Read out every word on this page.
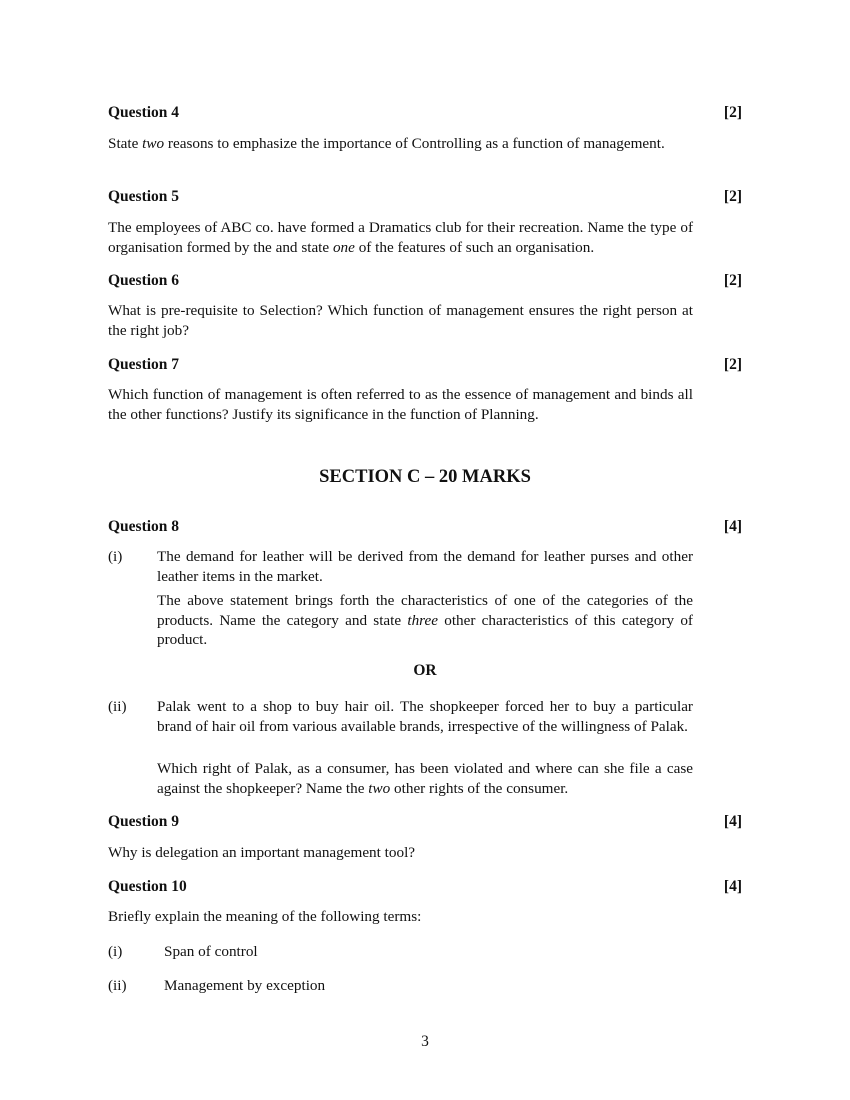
Question 4	[2]
State two reasons to emphasize the importance of Controlling as a function of management.
Question 5	[2]
The employees of ABC co. have formed a Dramatics club for their recreation. Name the type of organisation formed by the and state one of the features of such an organisation.
Question 6	[2]
What is pre-requisite to Selection? Which function of management ensures the right person at the right job?
Question 7	[2]
Which function of management is often referred to as the essence of management and binds all the other functions? Justify its significance in the function of Planning.
SECTION C – 20 MARKS
Question 8	[4]
(i) The demand for leather will be derived from the demand for leather purses and other leather items in the market.
The above statement brings forth the characteristics of one of the categories of the products. Name the category and state three other characteristics of this category of product.
OR
(ii) Palak went to a shop to buy hair oil. The shopkeeper forced her to buy a particular brand of hair oil from various available brands, irrespective of the willingness of Palak.
Which right of Palak, as a consumer, has been violated and where can she file a case against the shopkeeper? Name the two other rights of the consumer.
Question 9	[4]
Why is delegation an important management tool?
Question 10	[4]
Briefly explain the meaning of the following terms:
(i)	Span of control
(ii) Management by exception
3
